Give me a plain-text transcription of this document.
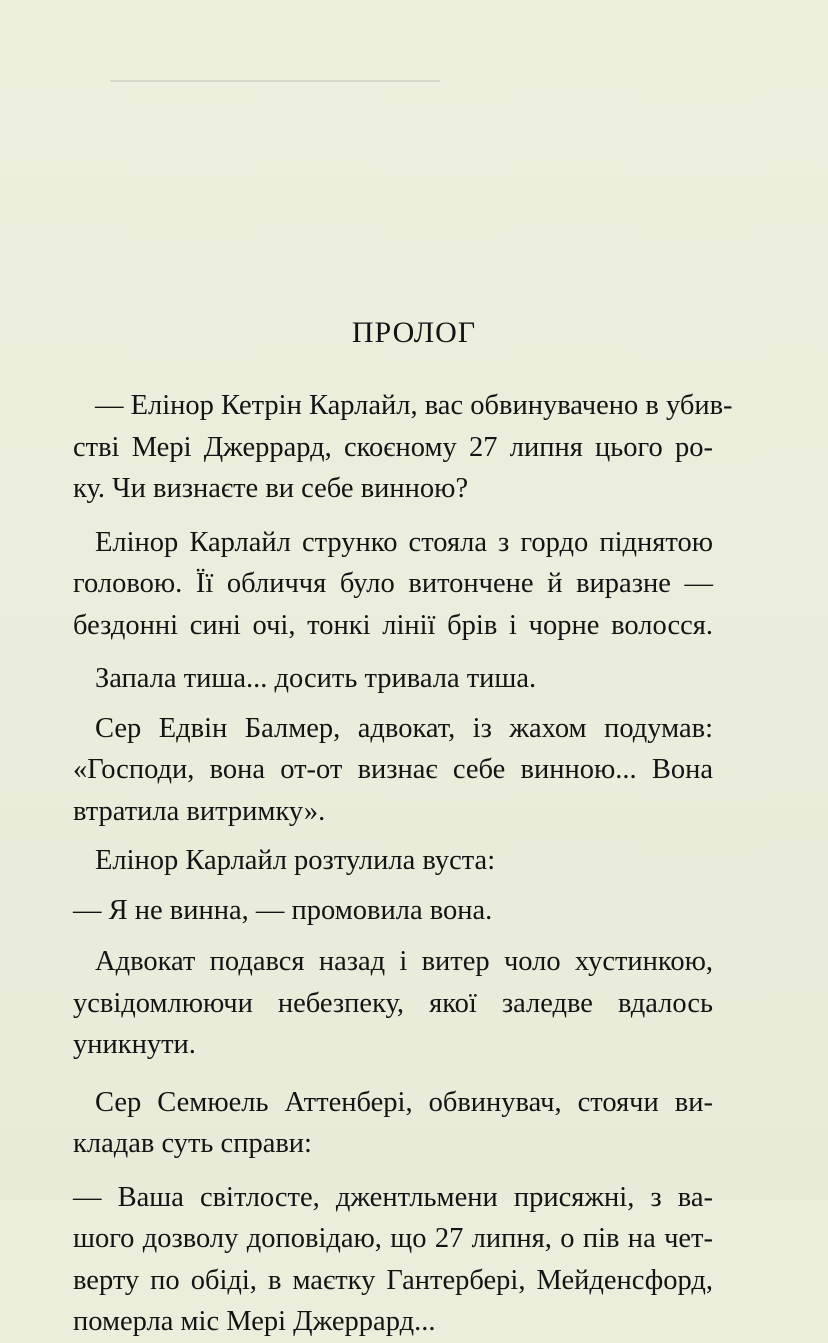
ПРОЛОГ
— Елінор Кетрін Карлайл, вас обвинувачено в убив-
стві Мері Джеррард, скоєному 27 липня цього ро-
ку. Чи визнаєте ви себе винною?
Елінор Карлайл струнко стояла з гордо піднятою
головою. Її обличчя було витончене й виразне —
бездонні сині очі, тонкі лінії брів і чорне волосся.
Запала тиша... досить тривала тиша.
Сер Едвін Балмер, адвокат, із жахом подумав:
«Господи, вона от-от визнає себе винною... Вона
втратила витримку».
Елінор Карлайл розтулила вуста:
— Я не винна, — промовила вона.
Адвокат подався назад і витер чоло хустинкою,
усвідомлюючи небезпеку, якої заледве вдалось
уникнути.
Сер Семюель Аттенбері, обвинувач, стоячи ви-
кладав суть справи:
— Ваша світлосте, джентльмени присяжні, з ва-
шого дозволу доповідаю, що 27 липня, о пів на чет-
верту по обіді, в маєтку Гантербері, Мейденсфорд,
померла міс Мері Джеррард...
